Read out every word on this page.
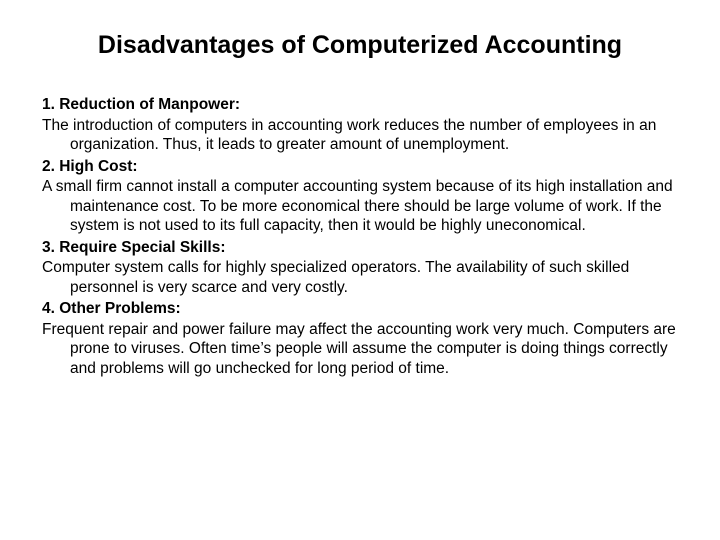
Disadvantages of Computerized Accounting

1. Reduction of Manpower:

The introduction of computers in accounting work reduces the number of employees in an organization. Thus, it leads to greater amount of unemployment.

2. High Cost:

A small firm cannot install a computer accounting system because of its high installation and maintenance cost. To be more economical there should be large volume of work. If the system is not used to its full capacity, then it would be highly uneconomical.

3. Require Special Skills:

Computer system calls for highly specialized operators. The availability of such skilled personnel is very scarce and very costly.

4. Other Problems:

Frequent repair and power failure may affect the accounting work very much. Computers are prone to viruses. Often time’s people will assume the computer is doing things correctly and problems will go unchecked for long period of time.
